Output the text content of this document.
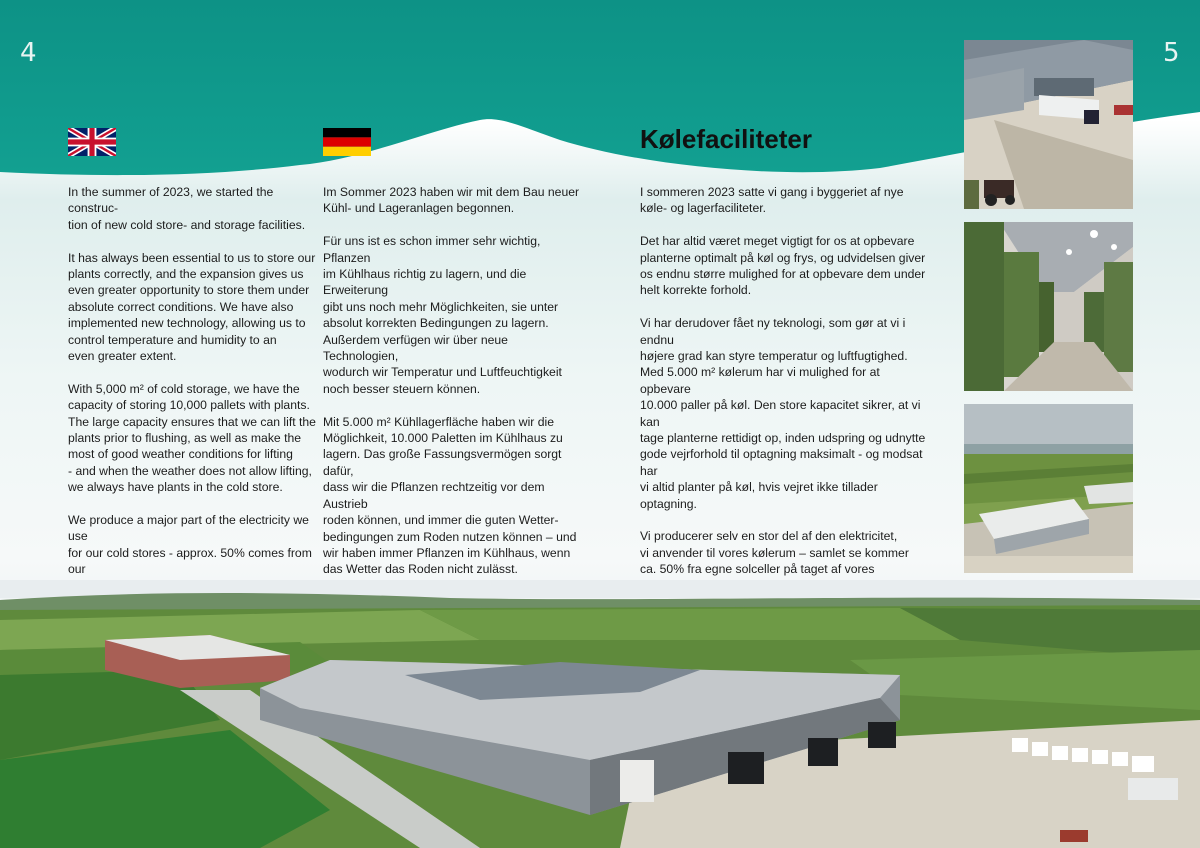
4	5
Kølefaciliteter

In the summer of 2023, we started the construc-
tion of new cold store- and storage facilities.

It has always been essential to us to store our
plants correctly, and the expansion gives us
even greater opportunity to store them under
absolute correct conditions. We have also
implemented new technology, allowing us to
control temperature and humidity to an
even greater extent.

With 5,000 m² of cold storage, we have the
capacity of storing 10,000 pallets with plants.
The large capacity ensures that we can lift the
plants prior to flushing, as well as make the
most of good weather conditions for lifting
- and when the weather does not allow lifting,
we always have plants in the cold store.

We produce a major part of the electricity we use
for our cold stores - approx. 50% comes from our

Im Sommer 2023 haben wir mit dem Bau neuer
Kühl- und Lageranlagen begonnen.

Für uns ist es schon immer sehr wichtig, Pflanzen
im Kühlhaus richtig zu lagern, und die Erweiterung
gibt uns noch mehr Möglichkeiten, sie unter
absolut korrekten Bedingungen zu lagern.
Außerdem verfügen wir über neue Technologien,
wodurch wir Temperatur und Luftfeuchtigkeit
noch besser steuern können.

Mit 5.000 m² Kühllagerfläche haben wir die
Möglichkeit, 10.000 Paletten im Kühlhaus zu
lagern. Das große Fassungsvermögen sorgt dafür,
dass wir die Pflanzen rechtzeitig vor dem Austrieb
roden können, und immer die guten Wetter-
bedingungen zum Roden nutzen können – und
wir haben immer Pflanzen im Kühlhaus, wenn
das Wetter das Roden nicht zulässt.

I sommeren 2023 satte vi gang i byggeriet af nye
køle- og lagerfaciliteter.

Det har altid været meget vigtigt for os at opbevare
planterne optimalt på køl og frys, og udvidelsen giver
os endnu større mulighed for at opbevare dem under
helt korrekte forhold.

Vi har derudover fået ny teknologi, som gør at vi i endnu
højere grad kan styre temperatur og luftfugtighed.
Med 5.000 m² kølerum har vi mulighed for at opbevare
10.000 paller på køl. Den store kapacitet sikrer, at vi kan
tage planterne rettidigt op, inden udspring og udnytte
gode vejrforhold til optagning maksimalt - og modsat har
vi altid planter på køl, hvis vejret ikke tillader optagning.

Vi producerer selv en stor del af den elektricitet,
vi anvender til vores kølerum – samlet se kommer
ca. 50% fra egne solceller på taget af vores
